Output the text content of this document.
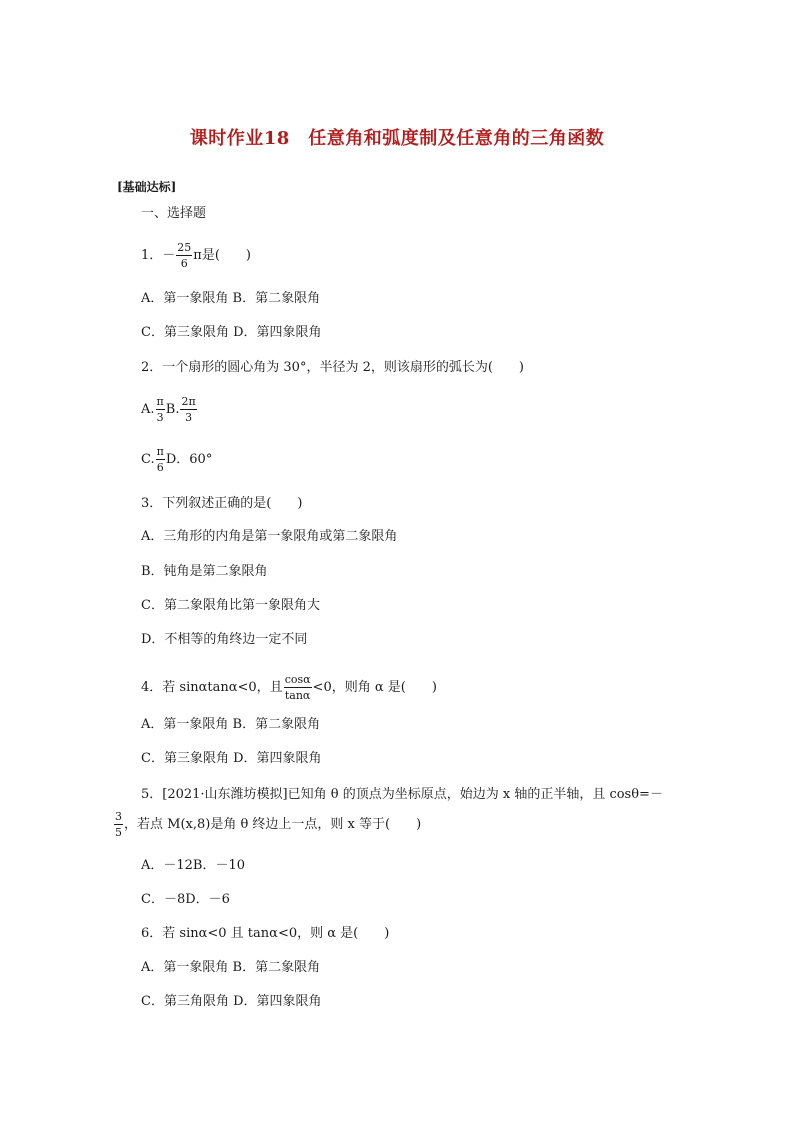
课时作业18　任意角和弧度制及任意角的三角函数
[基础达标]
一、选择题
1．－ $\frac{25}{6}$ π是(　　)
A．第一象限角 B．第二象限角
C．第三象限角 D．第四象限角
2．一个扇形的圆心角为 30°，半径为 2，则该扇形的弧长为(　　)
A. $\frac{\pi}{3} B$. $\frac{2\pi}{3}$
C. $\frac{\pi}{6}$ D．60°
3．下列叙述正确的是(　　)
A．三角形的内角是第一象限角或第二象限角
B．钝角是第二象限角
C．第二象限角比第一象限角大
D．不相等的角终边一定不同
4．若 sinαtanα<0，且 $\frac{\cos\alpha}{\tan\alpha} <0$，则角 α 是(　　)
A．第一象限角 B．第二象限角
C．第三象限角 D．第四象限角
5．[2021·山东潍坊模拟]已知角 θ 的顶点为坐标原点，始边为 x 轴的正半轴，且 cosθ=－
$\frac{3}{5}$ ，若点 M(x,8)是角 θ 终边上一点，则 x 等于(　　)
A．－12B．－10
C．－8D．－6
6．若 sinα<0 且 tanα<0，则 α 是(　　)
A．第一象限角 B．第二象限角
C．第三角限角 D．第四象限角
